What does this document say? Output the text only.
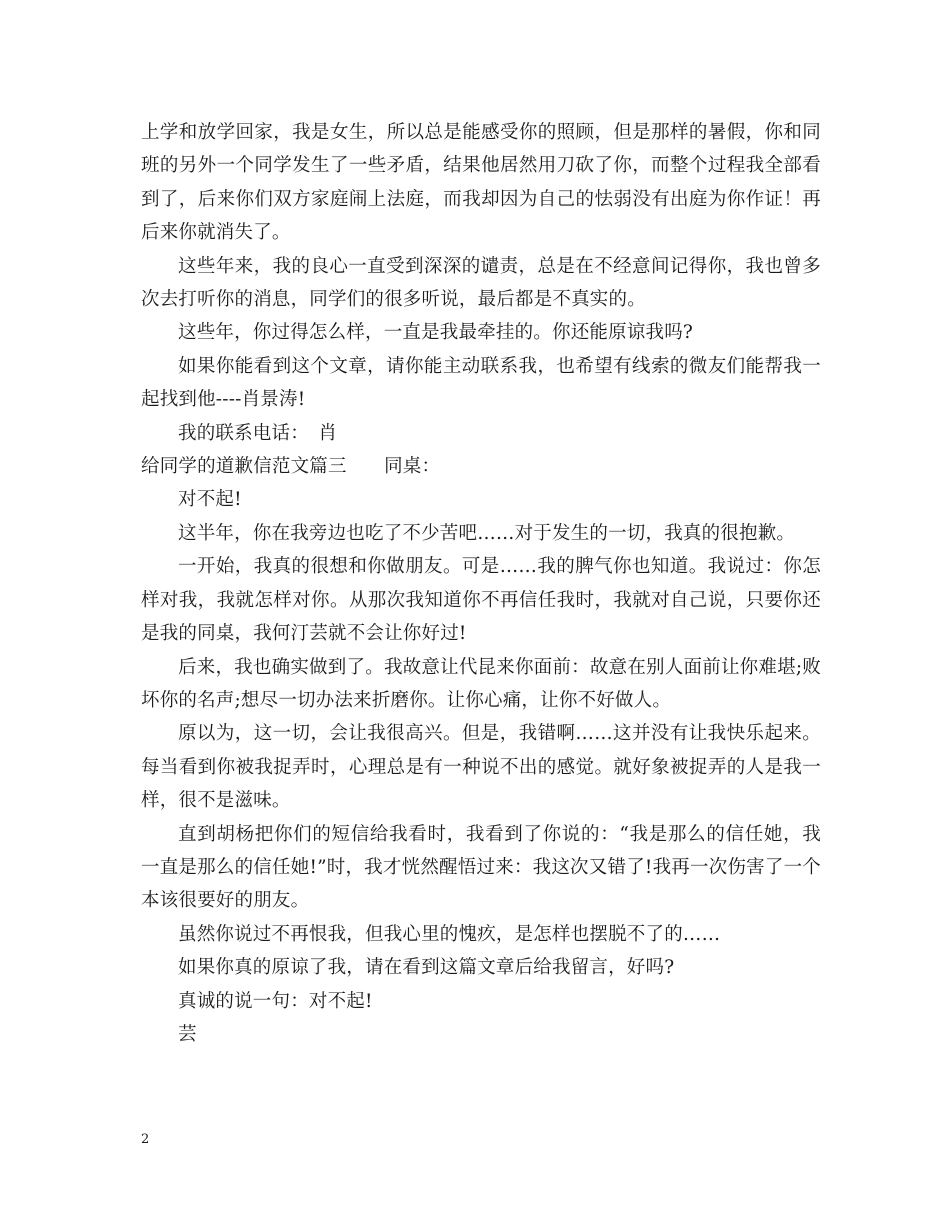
上学和放学回家，我是女生，所以总是能感受你的照顾，但是那样的暑假，你和同班的另外一个同学发生了一些矛盾，结果他居然用刀砍了你，而整个过程我全部看到了，后来你们双方家庭闹上法庭，而我却因为自己的怯弱没有出庭为你作证！再后来你就消失了。

这些年来，我的良心一直受到深深的谴责，总是在不经意间记得你，我也曾多次去打听你的消息，同学们的很多听说，最后都是不真实的。

这些年，你过得怎么样，一直是我最牵挂的。你还能原谅我吗?

如果你能看到这个文章，请你能主动联系我，也希望有线索的微友们能帮我一起找到他----肖景涛!

我的联系电话：　肖

给同学的道歉信范文篇三　　同桌：

对不起!

这半年，你在我旁边也吃了不少苦吧……对于发生的一切，我真的很抱歉。

一开始，我真的很想和你做朋友。可是……我的脾气你也知道。我说过：你怎样对我，我就怎样对你。从那次我知道你不再信任我时，我就对自己说，只要你还是我的同桌，我何汀芸就不会让你好过!

后来，我也确实做到了。我故意让代昆来你面前：故意在别人面前让你难堪;败坏你的名声;想尽一切办法来折磨你。让你心痛，让你不好做人。

原以为，这一切，会让我很高兴。但是，我错啊……这并没有让我快乐起来。每当看到你被我捉弄时，心理总是有一种说不出的感觉。就好象被捉弄的人是我一样，很不是滋味。

直到胡杨把你们的短信给我看时，我看到了你说的：“我是那么的信任她，我一直是那么的信任她!”时，我才恍然醒悟过来：我这次又错了!我再一次伤害了一个本该很要好的朋友。

虽然你说过不再恨我，但我心里的愧疚，是怎样也摆脱不了的……

如果你真的原谅了我，请在看到这篇文章后给我留言，好吗?

真诚的说一句：对不起!

芸

2
